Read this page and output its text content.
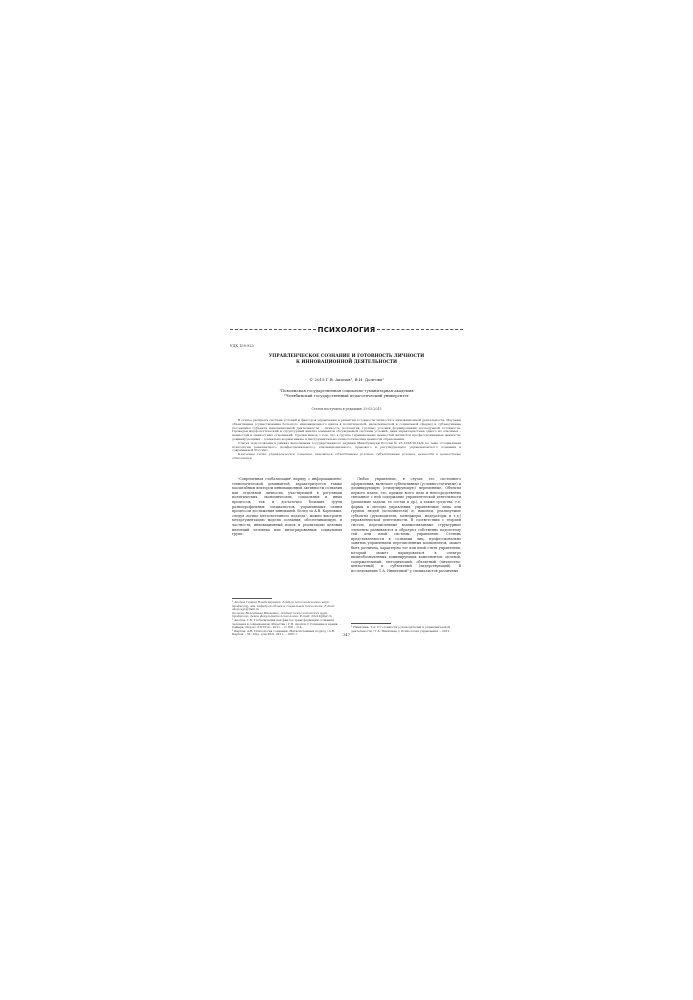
ПСИХОЛОГИЯ
УДК 159.923
УПРАВЛЕНЧЕСКОЕ СОЗНАНИЕ И ГОТОВНОСТЬ ЛИЧНОСТИ
К ИННОВАЦИОННОЙ ДЕЯТЕЛЬНОСТИ
© 2015 Г.В. Акопов¹, В.И. Долгова²
¹Поволжская государственная социально-гуманитарная академия
²Челябинский государственный педагогический университет
Статья поступила в редакцию 29.03.2015

В статье раскрыта система условий и факторов управления и развития готовности личности к инновационной деятельности. Изучены объективные (существование большого инновационного цикла в политической, экономической и социальной сферах) и субъективные (потенциал субъекта инновационной деятельности – личность, коллектив, группы) условия формирования исследуемой готовности. Проведен морфологический и структурный анализ элементов обсуждаемой системы условий, дана характеристика одного из основных – ценностей и ценностных отношений. Сделан вывод о том, что в группе терминальных ценностей являются профессиональные ценности, доминирующими – социально-нормативные и инструментально-технологические ценности образования.

Статья подготовлена в рамках выполнения государственного задания Минобрнауки России № 25.1028.2014/К по теме «Социальная психология ревелентного (конфессионального), этнонационального, правового и регулирующего управленческого сознания в современной России».

Ключевые слова: управленческое сознание, инновация, объективные условия, субъективные условия, ценности и ценностные отношения.

¹Современная глобализация¹ наряду с информационно-технологической доминантой, характеризуется также масштабным вектором инновационной активности сознания как отдельной личности, участвующей в регуляции политических, экономических, социальных и иных процессов, так и достаточно больших групп разнопрофильных специалистов, управляющих самим процессом достижения инноваций. Вслед за А.В. Карповым, следуя логике метасистемного подхода², можно выстроить метаргументацию модели сознания, обеспечивающую, в частности, инновационный поиск и реализацию целевых интенций человека или интегрированных социальных групп.

Любое управление, в случае его системного оформления, включает субъективные (условно-статичные) и доминирующую (стимулирующую) переменные. Объекты первого плана, это, прежде всего цель и непосредственно связанное с ней содержание управленческой деятельности (решаемые задачи, ее состав и др.), а также средства, т.е. формы и методы управления, управляемые лица или группы людей (исполнители) и, наконец, реализуемые субъекты (руководители, менеджеры, модераторы и т.д.) управленческой деятельности. В соответствии с теорией систем, перечисленные взаимосвязанные структурные элементы развиваются и образуют собственно подсистему той или иной системы управления. Степень представленности в сознании лиц, профессионально занятых управлением перечисленных компонентов, может быть различна, характерно тот или иной стиль управления, который может варьироваться в спектре вышеобозначенных доминирующих компонентов: целевой, содержательный, методический, объектный (личностно-ценностный) и субъектный (лидерствующий). В исследованиях Т.А. Никитиной³ у специалистов различных

¹ Акопов Гарник Владимирович, доктор психологических наук, профессор, зав. кафедрой общей и социальной психологии. E-mail: akopovgv@mail.ru
Долгова Валентина Ивановна, доктор психологических наук, профессор, декан факультета психологии. E-mail: 23a12@list.ru
¹ Акопов, Г.В. Глобализация как фактор трансформации сознания человека в современном обществе / Г.В. Акопов // Сознание и время. – Самара: Изд-во «ПГСГА», 2011. – С.108 – 114.
² Карпов, А.В. Психология сознания. Метасистемный подход / А.В. Карпов. – М.: Изд. дом РАО, 2011. – 1087 с.
³ Никитина, Т.А. О готовности руководителей к управленческой деятельности / Т.А. Никитина // Психология управления. – 2012.
347
